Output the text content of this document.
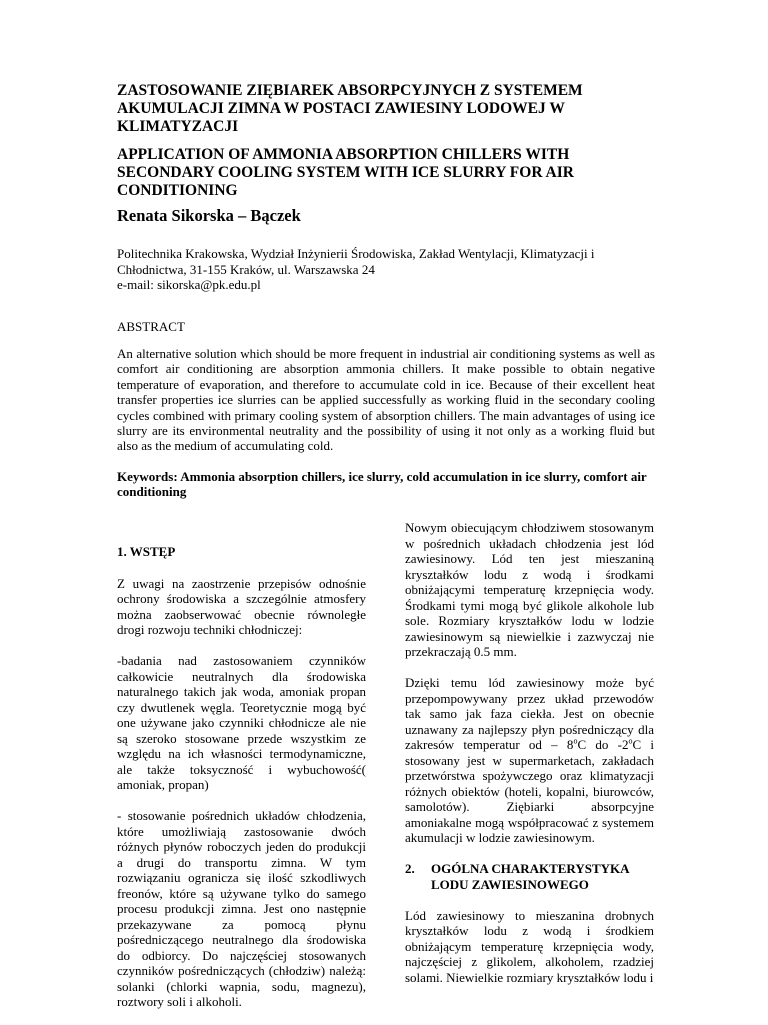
ZASTOSOWANIE ZIĘBIAREK ABSORPCYJNYCH Z SYSTEMEM AKUMULACJI ZIMNA W POSTACI ZAWIESINY LODOWEJ W KLIMATYZACJI
APPLICATION OF AMMONIA ABSORPTION CHILLERS WITH SECONDARY COOLING SYSTEM WITH ICE SLURRY FOR AIR CONDITIONING

Renata Sikorska – Bączek

Politechnika Krakowska, Wydział Inżynierii Środowiska, Zakład Wentylacji, Klimatyzacji i
Chłodnictwa, 31-155 Kraków, ul. Warszawska 24
e-mail: sikorska@pk.edu.pl

ABSTRACT

An alternative solution which should be more frequent in industrial air conditioning systems as well as comfort air conditioning are absorption ammonia chillers. It make possible to obtain negative temperature of evaporation, and therefore to accumulate cold in ice. Because of their excellent heat transfer properties ice slurries can be applied successfully as working fluid in the secondary cooling cycles combined with primary cooling system of absorption chillers. The main advantages of using ice slurry are its environmental neutrality and the possibility of using it not only as a working fluid but also as the medium of accumulating cold.

Keywords: Ammonia absorption chillers, ice slurry, cold accumulation in ice slurry, comfort air conditioning

1. WSTĘP

Z uwagi na zaostrzenie przepisów odnośnie ochrony środowiska a szczególnie atmosfery można zaobserwować obecnie równoległe drogi rozwoju techniki chłodniczej:

-badania nad zastosowaniem czynników całkowicie neutralnych dla środowiska naturalnego takich jak woda, amoniak propan czy dwutlenek węgla. Teoretycznie mogą być one używane jako czynniki chłodnicze ale nie są szeroko stosowane przede wszystkim ze względu na ich własności termodynamiczne, ale także toksyczność i wybuchowość( amoniak, propan)

- stosowanie pośrednich układów chłodzenia, które umożliwiają zastosowanie dwóch różnych płynów roboczych jeden do produkcji a drugi do transportu zimna. W tym rozwiązaniu ogranicza się ilość szkodliwych freonów, które są używane tylko do samego procesu produkcji zimna. Jest ono następnie przekazywane za pomocą płynu pośredniczącego neutralnego dla środowiska do odbiorcy. Do najczęściej stosowanych czynników pośredniczących (chłodziw) należą: solanki (chlorki wapnia, sodu, magnezu), roztwory soli i alkoholi.

Nowym obiecującym chłodziwem stosowanym w pośrednich układach chłodzenia jest lód zawiesinowy. Lód ten jest mieszaniną kryształków lodu z wodą i środkami obniżającymi temperaturę krzepnięcia wody. Środkami tymi mogą być glikole alkohole lub sole. Rozmiary kryształków lodu w lodzie zawiesinowym są niewielkie i zazwyczaj nie przekraczają 0.5 mm.

Dzięki temu lód zawiesinowy może być przepompowywany przez układ przewodów tak samo jak faza ciekła. Jest on obecnie uznawany za najlepszy płyn pośredniczący dla zakresów temperatur od – 8$^o$C do -2$^o$C i stosowany jest w supermarketach, zakładach przetwórstwa spożywczego oraz klimatyzacji różnych obiektów (hoteli, kopalni, biurowców, samolotów). Ziębiarki absorpcyjne amoniakalne mogą współpracować z systemem akumulacji w lodzie zawiesinowym.

2.	OGÓLNA CHARAKTERYSTYKA
LODU ZAWIESINOWEGO

Lód zawiesinowy to mieszanina drobnych kryształków lodu z wodą i środkiem obniżającym temperaturę krzepnięcia wody, najczęściej z glikolem, alkoholem, rzadziej solami. Niewielkie rozmiary kryształków lodu i
